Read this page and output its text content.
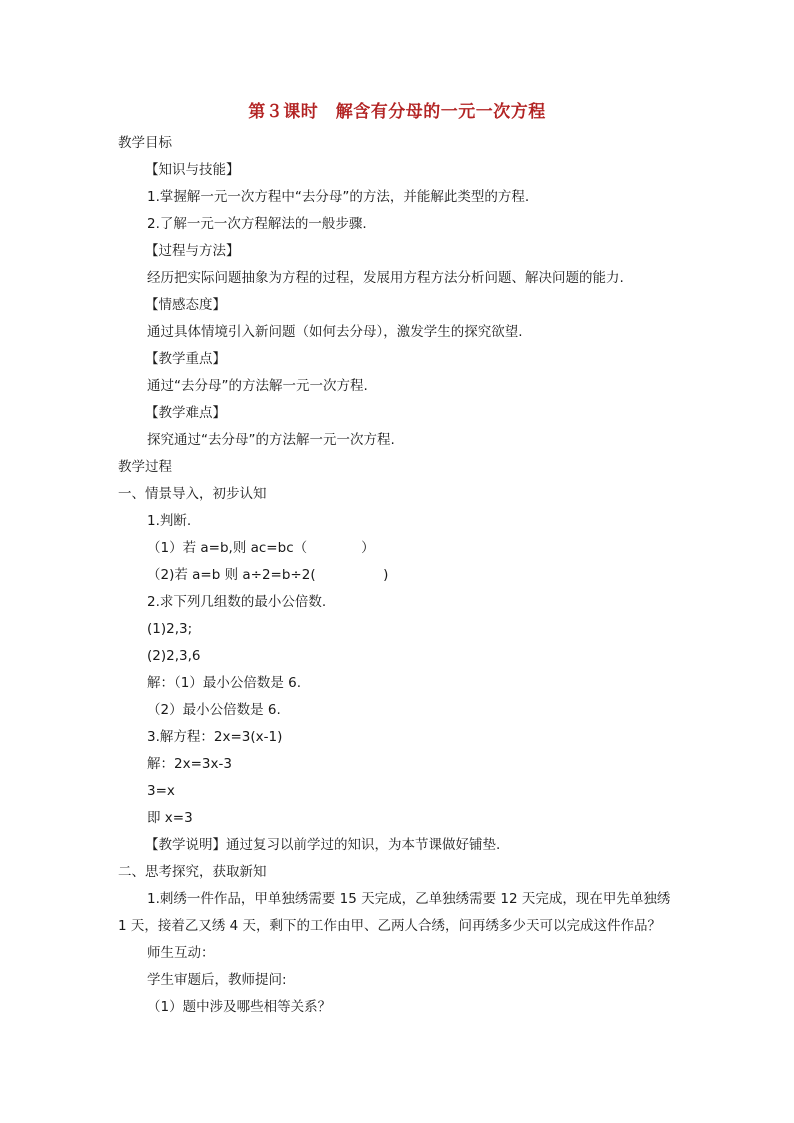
第３课时　解含有分母的一元一次方程
教学目标
【知识与技能】
1.掌握解一元一次方程中“去分母”的方法，并能解此类型的方程.
2.了解一元一次方程解法的一般步骤.
【过程与方法】
经历把实际问题抽象为方程的过程，发展用方程方法分析问题、解决问题的能力.
【情感态度】
通过具体情境引入新问题（如何去分母），激发学生的探究欲望.
【教学重点】
通过“去分母”的方法解一元一次方程.
【教学难点】
探究通过“去分母”的方法解一元一次方程.
教学过程
一、情景导入，初步认知
1.判断.
（1）若 a=b,则 ac=bc（　　　　）
（2)若 a=b 则 a÷2=b÷2(　　　　　)
2.求下列几组数的最小公倍数.
(1)2,3;
(2)2,3,6
解：（1）最小公倍数是 6.
（2）最小公倍数是 6.
3.解方程：2x=3(x-1)
解：2x=3x-3
3=x
即 x=3
【教学说明】通过复习以前学过的知识，为本节课做好铺垫.
二、思考探究，获取新知
1.刺绣一件作品，甲单独绣需要 15 天完成，乙单独绣需要 12 天完成，现在甲先单独绣
1 天，接着乙又绣 4 天，剩下的工作由甲、乙两人合绣，问再绣多少天可以完成这件作品？
师生互动：
学生审题后，教师提问:
（1）题中涉及哪些相等关系？
